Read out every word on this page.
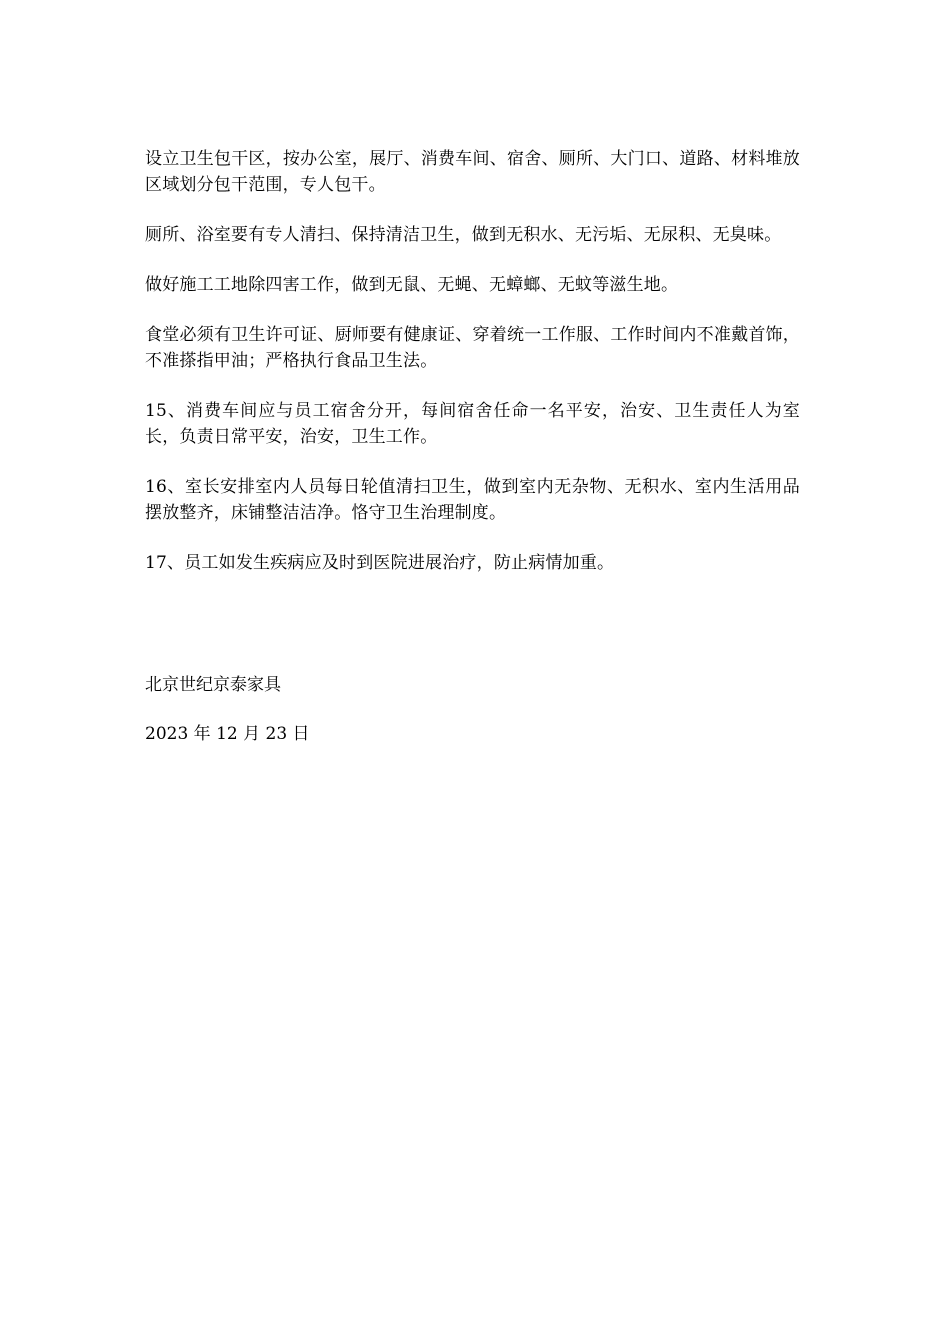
设立卫生包干区，按办公室，展厅、消费车间、宿舍、厕所、大门口、道路、材料堆放区域划分包干范围，专人包干。

厕所、浴室要有专人清扫、保持清洁卫生，做到无积水、无污垢、无尿积、无臭味。

做好施工工地除四害工作，做到无鼠、无蝇、无蟑螂、无蚊等滋生地。

食堂必须有卫生许可证、厨师要有健康证、穿着统一工作服、工作时间内不准戴首饰，不准搽指甲油；严格执行食品卫生法。

15、消费车间应与员工宿舍分开，每间宿舍任命一名平安，治安、卫生责任人为室长，负责日常平安，治安，卫生工作。

16、室长安排室内人员每日轮值清扫卫生，做到室内无杂物、无积水、室内生活用品摆放整齐，床铺整洁洁净。恪守卫生治理制度。

17、员工如发生疾病应及时到医院进展治疗，防止病情加重。

北京世纪京泰家具

2023 年 12 月 23 日
